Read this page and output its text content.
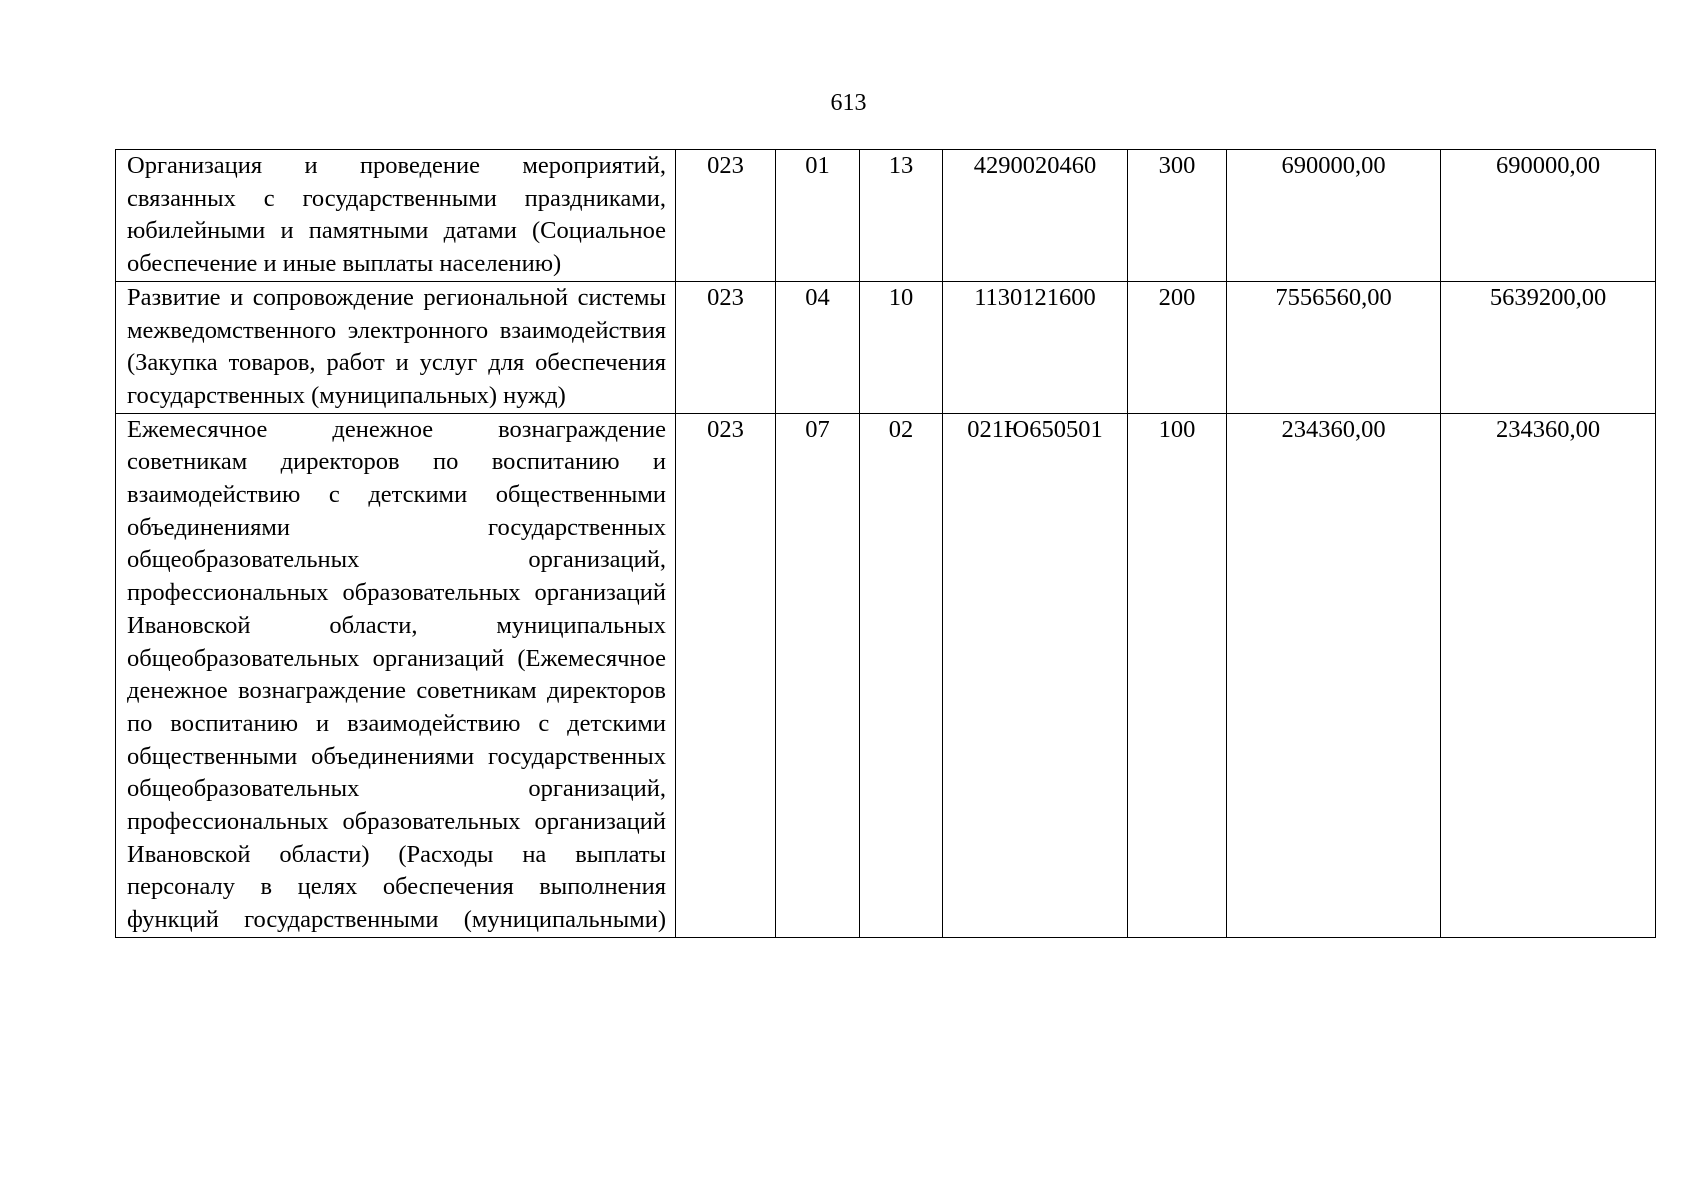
613
Организация и проведение мероприятий, связанных с государственными праздниками, юбилейными и памятными датами (Социальное обеспечение и иные выплаты населению)	023	01	13	4290020460	300	690000,00	690000,00
Развитие и сопровождение региональной системы межведомственного электронного взаимодействия (Закупка товаров, работ и услуг для обеспечения государственных (муниципальных) нужд)	023	04	10	1130121600	200	7556560,00	5639200,00
Ежемесячное денежное вознаграждение советникам директоров по воспитанию и взаимодействию с детскими общественными объединениями государственных общеобразовательных организаций, профессиональных образовательных организаций Ивановской области, муниципальных общеобразовательных организаций (Ежемесячное денежное вознаграждение советникам директоров по воспитанию и взаимодействию с детскими общественными объединениями государственных общеобразовательных организаций, профессиональных образовательных организаций Ивановской области) (Расходы на выплаты персоналу в целях обеспечения выполнения функций государственными (муниципальными)	023	07	02	021Ю650501	100	234360,00	234360,00
